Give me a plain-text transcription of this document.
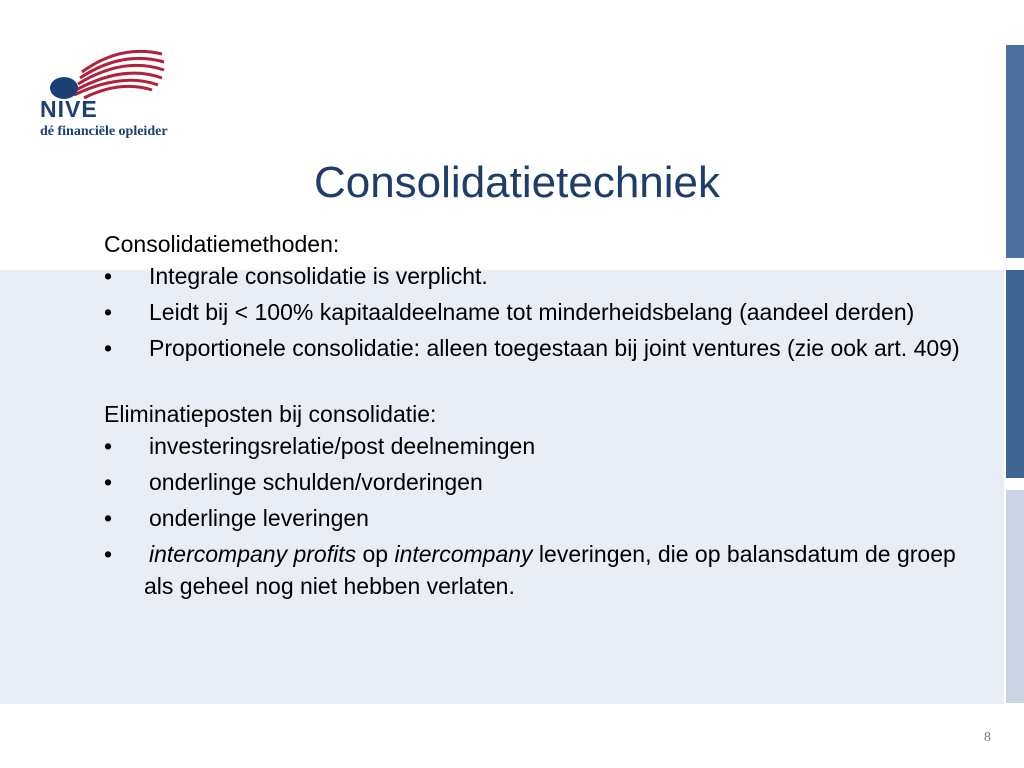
NIVE
dé financiële opleider
Consolidatietechniek

Consolidatiemethoden:

• Integrale consolidatie is verplicht.
• Leidt bij < 100% kapitaaldeelname tot minderheidsbelang (aandeel derden)
• Proportionele consolidatie: alleen toegestaan bij joint ventures (zie ook art. 409)

Eliminatieposten bij consolidatie:

• investeringsrelatie/post deelnemingen
• onderlinge schulden/vorderingen
• onderlinge leveringen
• intercompany profits op intercompany leveringen, die op balansdatum de groep als geheel nog niet hebben verlaten.
8
